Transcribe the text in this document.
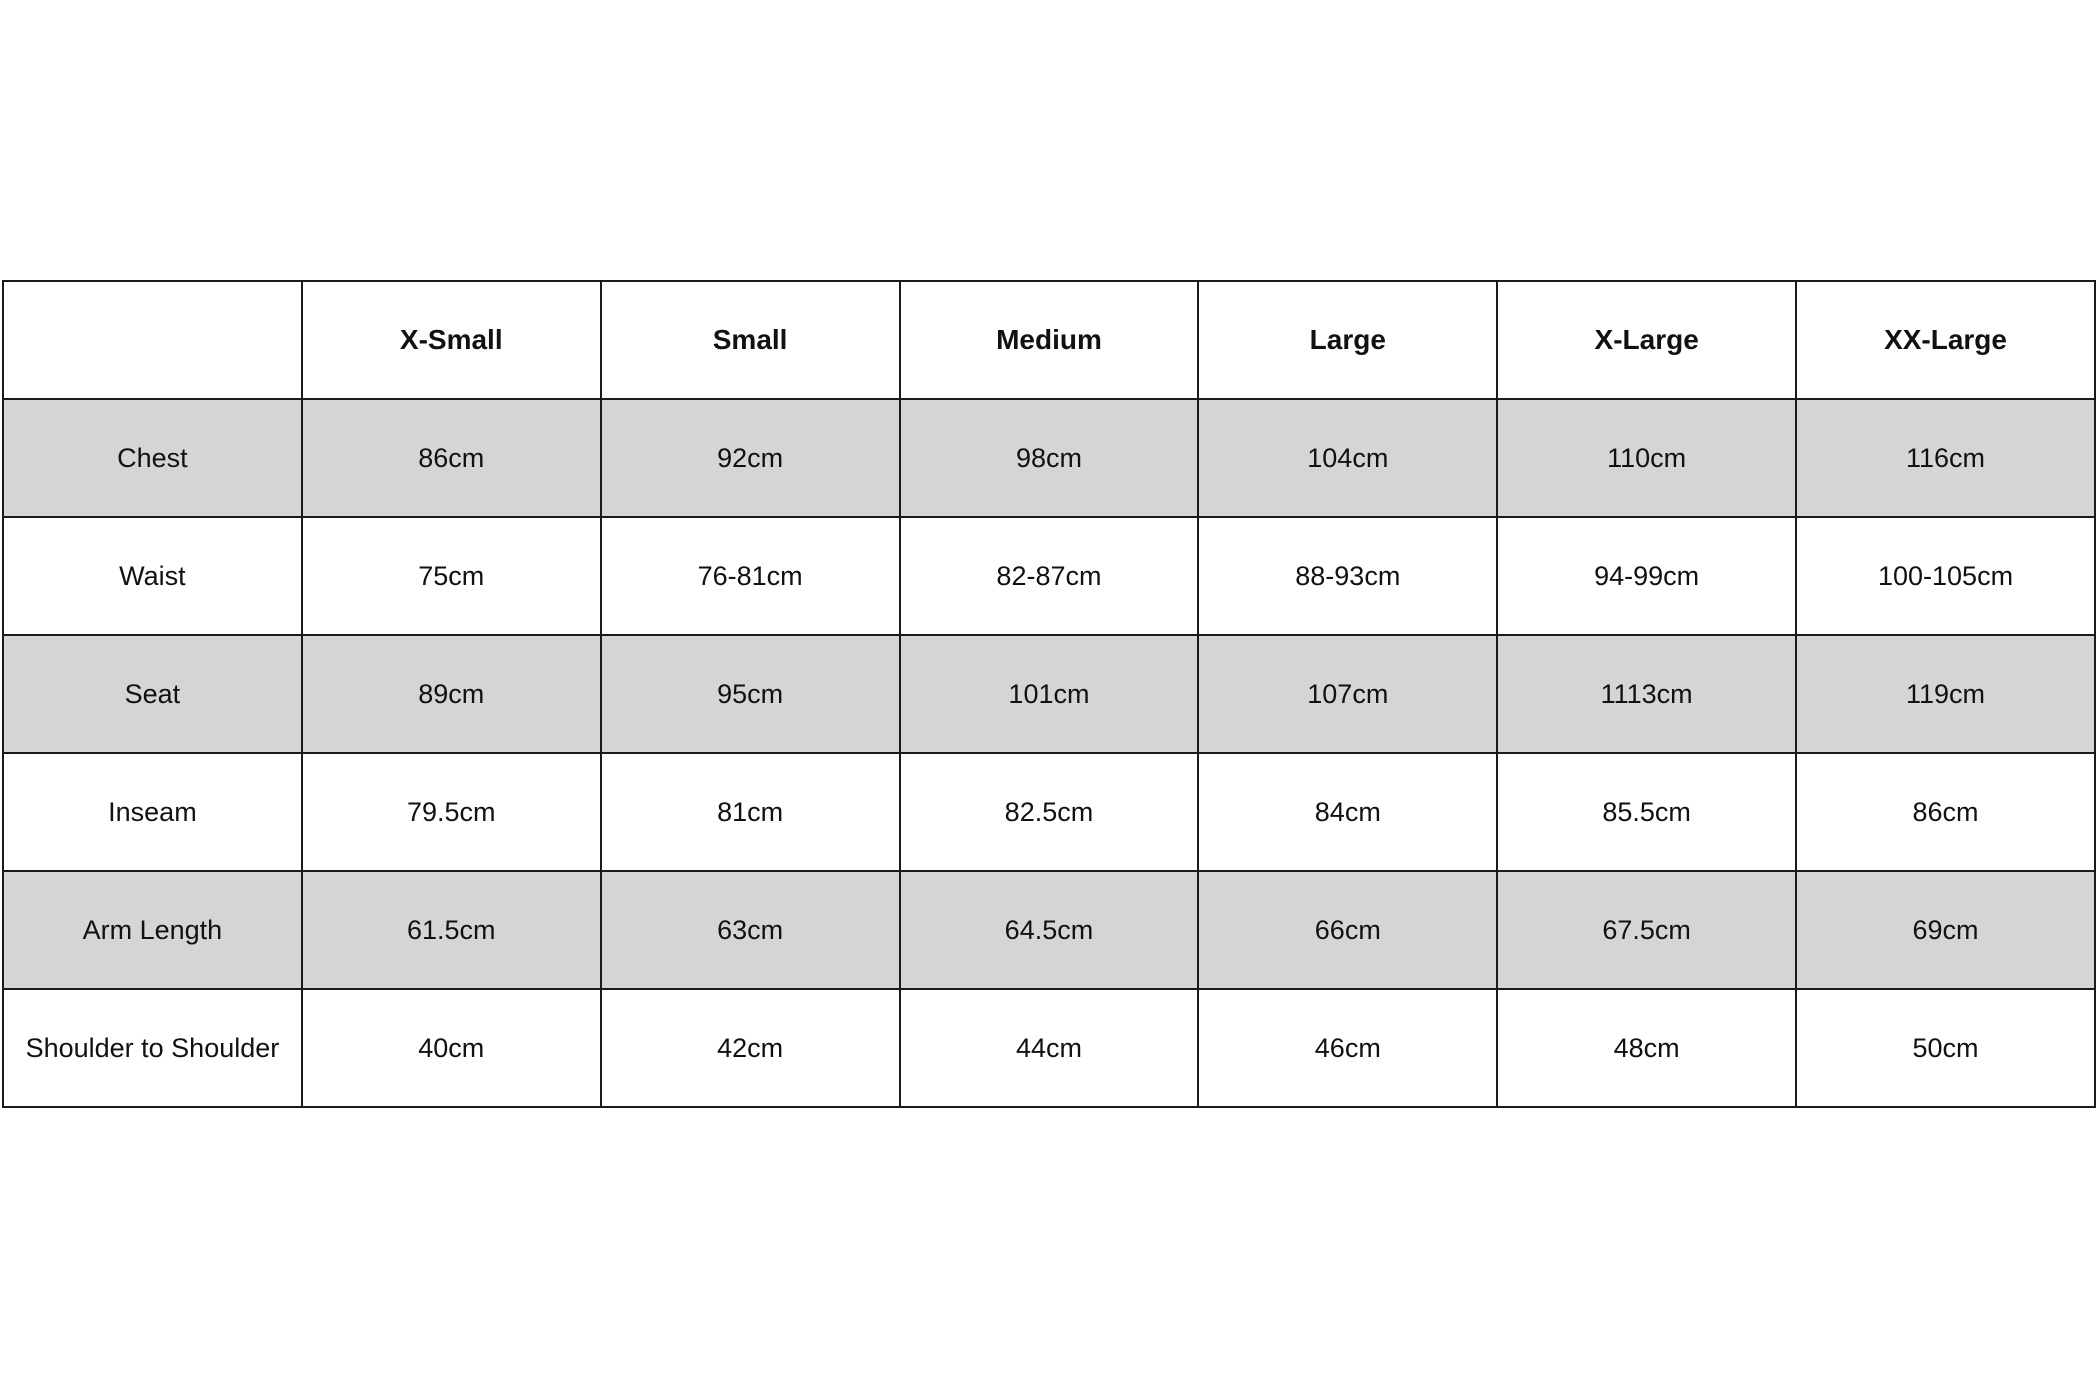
	X-Small	Small	Medium	Large	X-Large	XX-Large
Chest	86cm	92cm	98cm	104cm	110cm	116cm
Waist	75cm	76-81cm	82-87cm	88-93cm	94-99cm	100-105cm
Seat	89cm	95cm	101cm	107cm	1113cm	119cm
Inseam	79.5cm	81cm	82.5cm	84cm	85.5cm	86cm
Arm Length	61.5cm	63cm	64.5cm	66cm	67.5cm	69cm
Shoulder to Shoulder	40cm	42cm	44cm	46cm	48cm	50cm
